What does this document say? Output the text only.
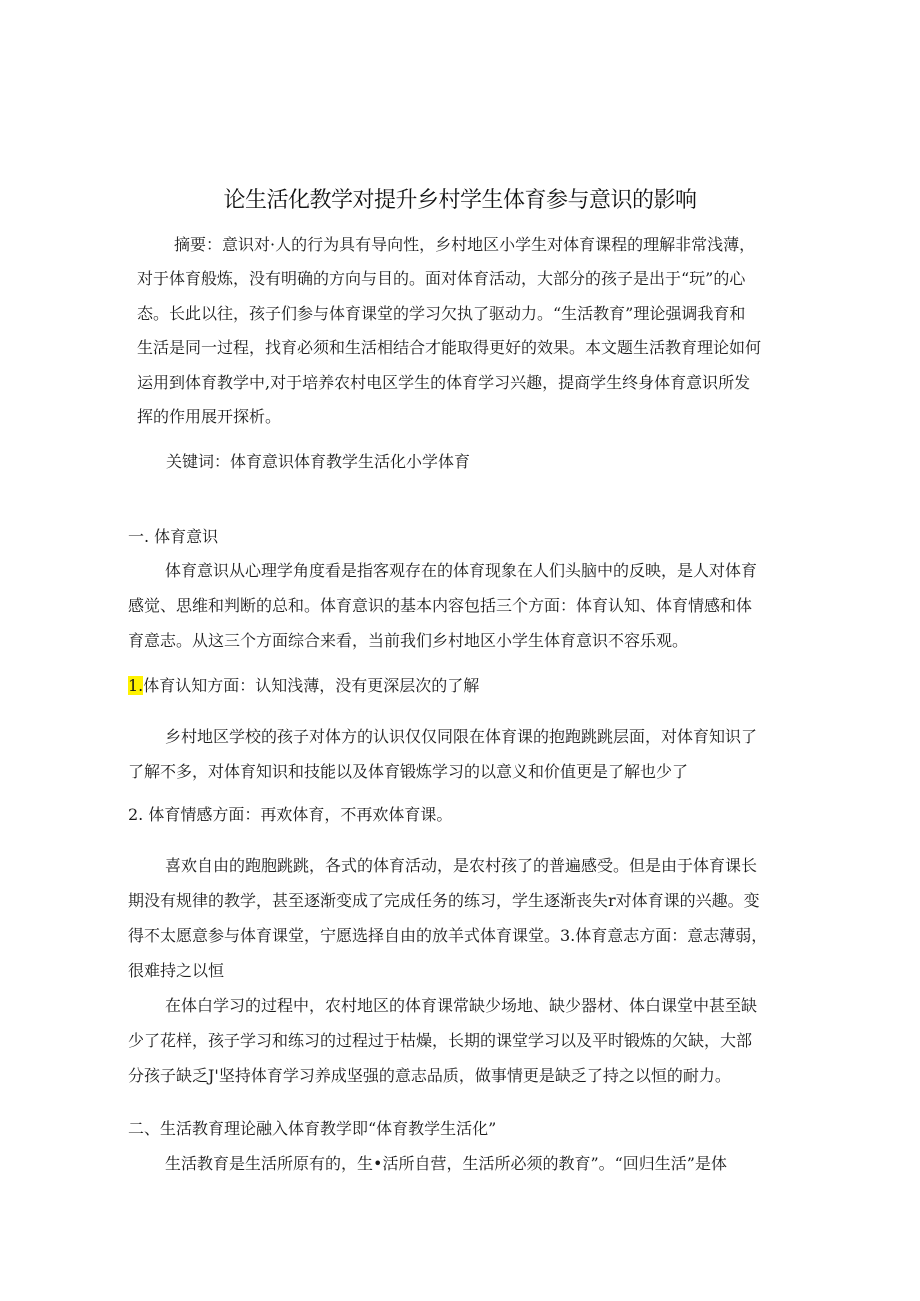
论生活化教学对提升乡村学生体育参与意识的影响
摘要：意识对·人的行为具有导向性，乡村地区小学生对体育课程的理解非常浅薄，
对于体育般炼，没有明确的方向与目的。面对体育活动，大部分的孩子是出于“玩”的心
态。长此以往，孩子们参与体育课堂的学习欠执了驱动力。“生活教育”理论强调我育和
生活是同一过程，找育必须和生活相结合才能取得更好的效果。本文题生活教育理论如何
运用到体育教学中,对于培养农村电区学生的体育学习兴趣，提商学生终身体育意识所发
挥的作用展开探析。
关键词：体育意识体育教学生活化小学体育
一. 体育意识
体育意识从心理学角度看是指客观存在的体育现象在人们头脑中的反映，是人对体育
感觉、思维和判断的总和。体育意识的基本内容包括三个方面：体育认知、体育情感和体
育意志。从这三个方面综合来看，当前我们乡村地区小学生体育意识不容乐观。
1.体育认知方面：认知浅薄，没有更深层次的了解
乡村地区学校的孩子对体方的认识仅仅同限在体育课的抱跑跳跳层面，对体育知识了
了解不多，对体育知识和技能以及体育锻炼学习的以意义和价值更是了解也少了
2. 体育情感方面：再欢体育，不再欢体育课。
喜欢自由的跑胞跳跳，各式的体育活动，是农村孩了的普遍感受。但是由于体育课长
期没有规律的教学，甚至逐渐变成了完成任务的练习，学生逐渐丧失r对体育课的兴趣。变
得不太愿意参与体育课堂，宁愿选择自由的放羊式体育课堂。3.体育意志方面：意志薄弱，
很难持之以恒
在体白学习的过程中，农村地区的体育课常缺少场地、缺少器材、体白课堂中甚至缺
少了花样，孩子学习和练习的过程过于枯燥，长期的课堂学习以及平时锻炼的欠缺，大部
分孩子缺乏J'坚持体育学习养成坚强的意志品质，做事情更是缺乏了持之以恒的耐力。
二、生活教育理论融入体育教学即“体育教学生活化”
生活教育是生活所原有的，生•活所自营，生活所必须的教育”。“回归生活”是体
